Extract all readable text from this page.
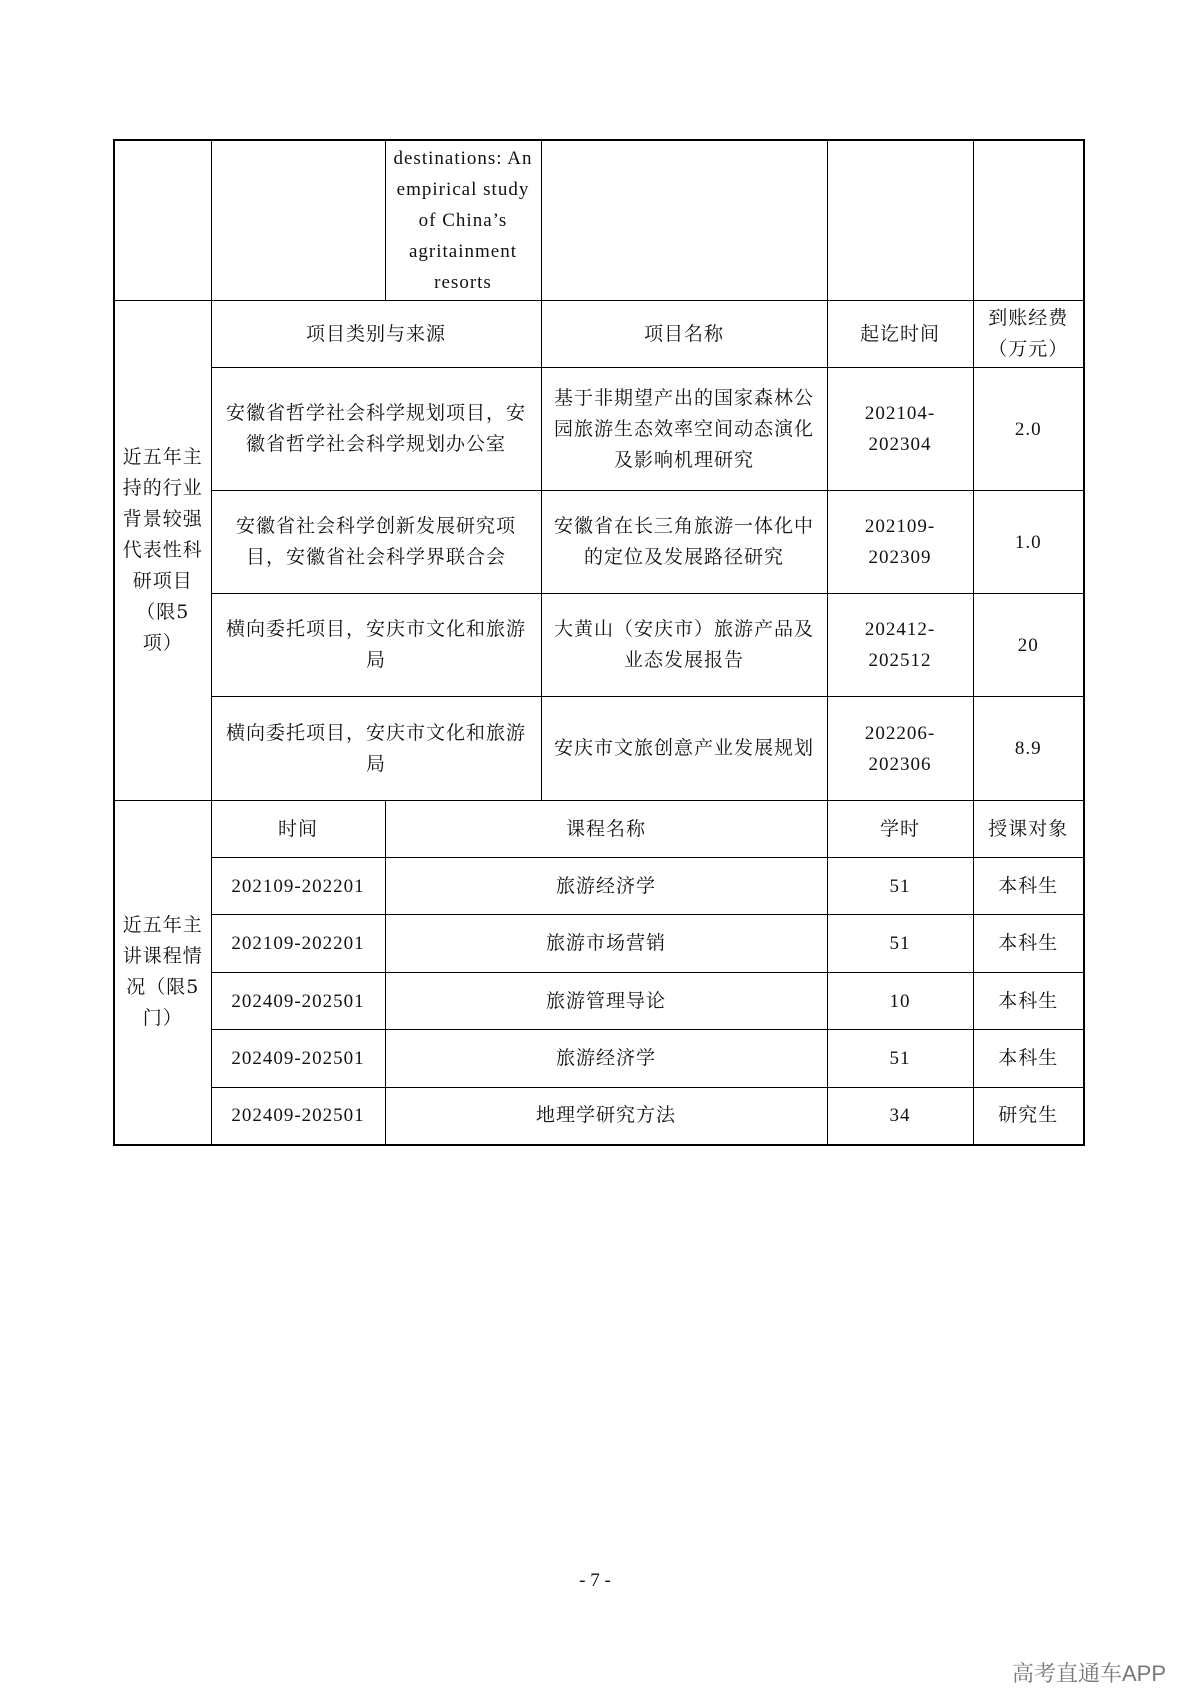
		destinations: An empirical study of China’s agritainment resorts			
近五年主持的行业背景较强代表性科研项目（限5项）	项目类别与来源		项目名称	起讫时间	到账经费（万元）
	安徽省哲学社会科学规划项目，安徽省哲学社会科学规划办公室		基于非期望产出的国家森林公园旅游生态效率空间动态演化及影响机理研究	202104-202304	2.0
	安徽省社会科学创新发展研究项目，安徽省社会科学界联合会		安徽省在长三角旅游一体化中的定位及发展路径研究	202109-202309	1.0
	横向委托项目，安庆市文化和旅游局		大黄山（安庆市）旅游产品及业态发展报告	202412-202512	20
	横向委托项目，安庆市文化和旅游局		安庆市文旅创意产业发展规划	202206-202306	8.9
近五年主讲课程情况（限5门）	时间	课程名称		学时	授课对象
	202109-202201	旅游经济学		51	本科生
	202109-202201	旅游市场营销		51	本科生
	202409-202501	旅游管理导论		10	本科生
	202409-202501	旅游经济学		51	本科生
	202409-202501	地理学研究方法		34	研究生
- 7 -
高考直通车APP
